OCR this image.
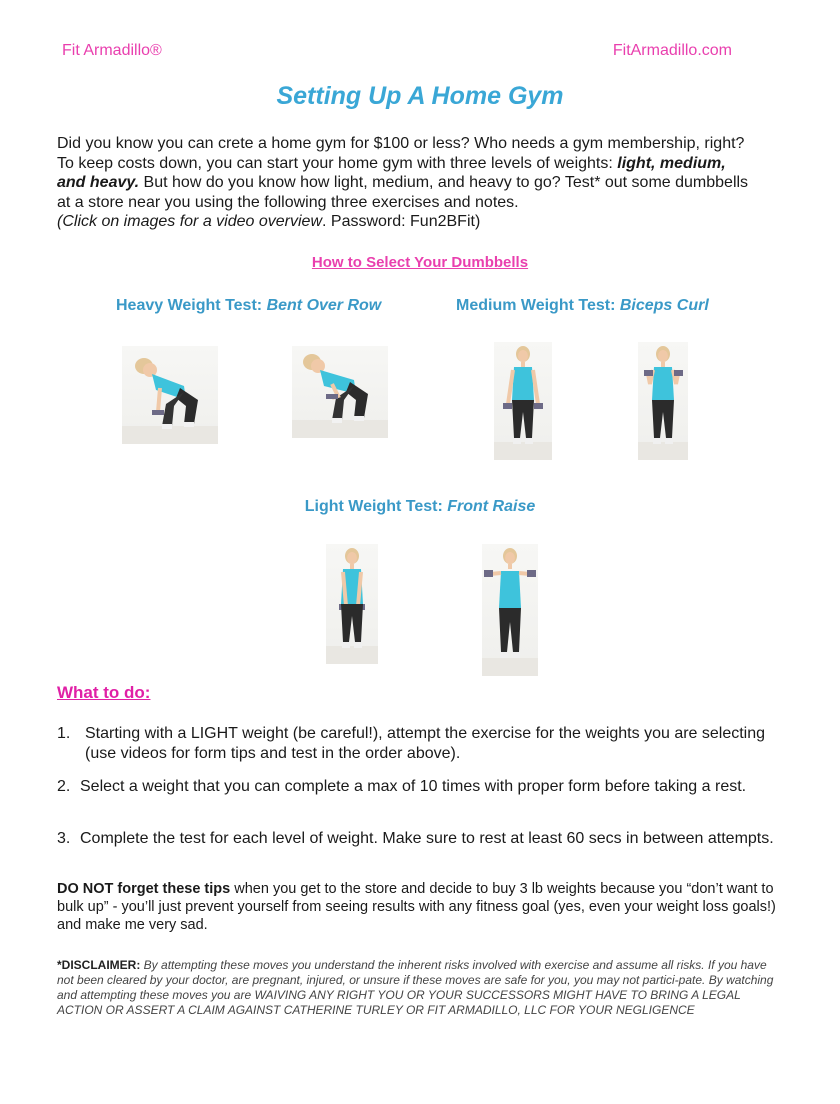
Fit Armadillo®	FitArmadillo.com
Setting Up A Home Gym
Did you know you can crete a home gym for $100 or less? Who needs a gym membership, right? To keep costs down, you can start your home gym with three levels of weights: light, medium, and heavy. But how do you know how light, medium, and heavy to go? Test* out some dumbbells at a store near you using the following three exercises and notes.
(Click on images for a video overview. Password: Fun2BFit)
How to Select Your Dumbbells
Heavy Weight Test: Bent Over Row	Medium Weight Test: Biceps Curl
Light Weight Test: Front Raise
What to do:
1. Starting with a LIGHT weight (be careful!), attempt the exercise for the weights you are selecting (use videos for form tips and test in the order above).
2. Select a weight that you can complete a max of 10 times with proper form before taking a rest.
3. Complete the test for each level of weight. Make sure to rest at least 60 secs in between attempts.
DO NOT forget these tips when you get to the store and decide to buy 3 lb weights because you “don’t want to bulk up” - you’ll just prevent yourself from seeing results with any fitness goal (yes, even your weight loss goals!) and make me very sad.
*DISCLAIMER: By attempting these moves you understand the inherent risks involved with exercise and assume all risks. If you have not been cleared by your doctor, are pregnant, injured, or unsure if these moves are safe for you, you may not partici-pate. By watching and attempting these moves you are WAIVING ANY RIGHT YOU OR YOUR SUCCESSORS MIGHT HAVE TO BRING A LEGAL ACTION OR ASSERT A CLAIM AGAINST CATHERINE TURLEY OR FIT ARMADILLO, LLC FOR YOUR NEGLIGENCE
